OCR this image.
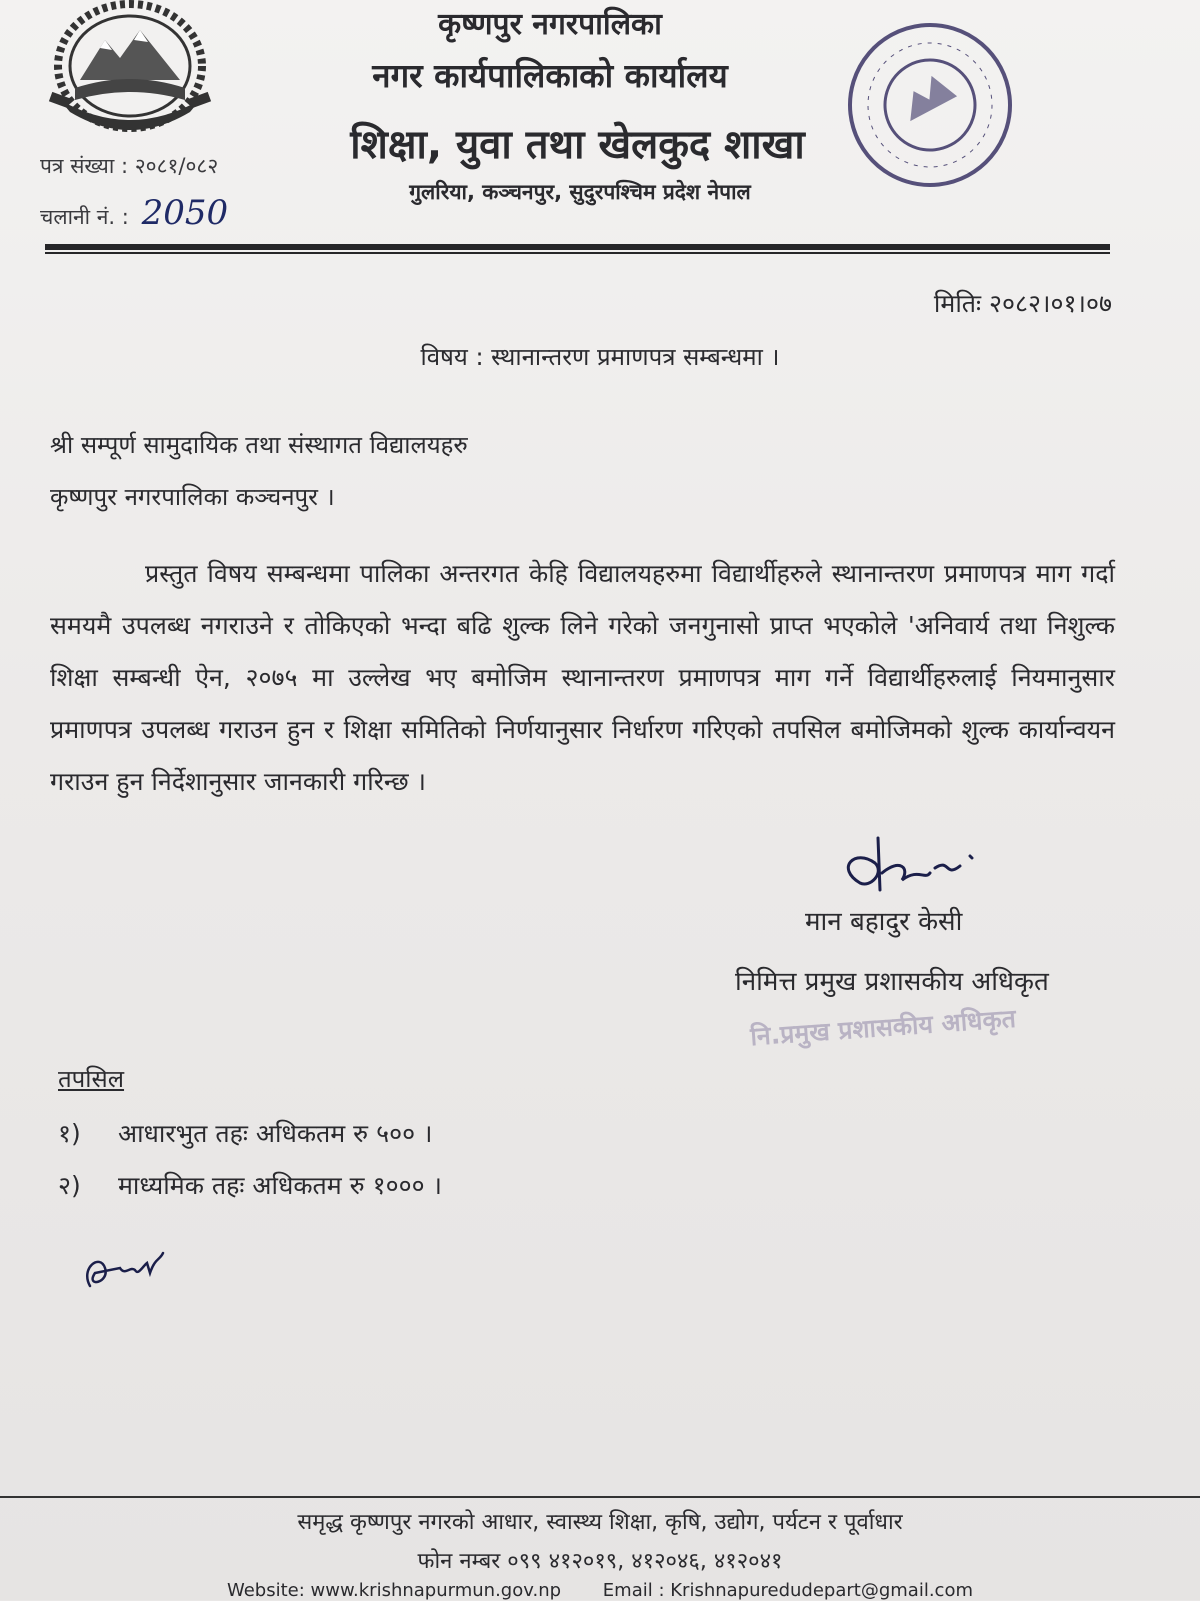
कृष्णपुर नगरपालिका
नगर कार्यपालिकाको कार्यालय
शिक्षा, युवा तथा खेलकुद शाखा
गुलरिया, कञ्चनपुर, सुदुरपश्चिम प्रदेश नेपाल
पत्र संख्या : २०८१/०८२
चलानी नं. : 2050
मितिः २०८२।०१।०७
विषय : स्थानान्तरण प्रमाणपत्र सम्बन्धमा ।
श्री सम्पूर्ण सामुदायिक तथा संस्थागत विद्यालयहरु
कृष्णपुर नगरपालिका कञ्चनपुर ।
प्रस्तुत विषय सम्बन्धमा पालिका अन्तरगत केहि विद्यालयहरुमा विद्यार्थीहरुले स्थानान्तरण प्रमाणपत्र माग गर्दा समयमै उपलब्ध नगराउने र तोकिएको भन्दा बढि शुल्क लिने गरेको जनगुनासो प्राप्त भएकोले 'अनिवार्य तथा निशुल्क शिक्षा सम्बन्धी ऐन, २०७५ मा उल्लेख भए बमोजिम स्थानान्तरण प्रमाणपत्र माग गर्ने विद्यार्थीहरुलाई नियमानुसार प्रमाणपत्र उपलब्ध गराउन हुन र शिक्षा समितिको निर्णयानुसार निर्धारण गरिएको तपसिल बमोजिमको शुल्क कार्यान्वयन गराउन हुन निर्देशानुसार जानकारी गरिन्छ ।
मान बहादुर केसी
निमित्त प्रमुख प्रशासकीय अधिकृत
नि.प्रमुख प्रशासकीय अधिकृत
तपसिल
१) आधारभुत तहः अधिकतम रु ५०० ।
२) माध्यमिक तहः अधिकतम रु १००० ।
समृद्ध कृष्णपुर नगरको आधार, स्वास्थ्य शिक्षा, कृषि, उद्योग, पर्यटन र पूर्वाधार
फोन नम्बर ०९९ ४१२०१९, ४१२०४६, ४१२०४१
Website: www.krishnapurmun.gov.np Email : Krishnapuredudepart@gmail.com
